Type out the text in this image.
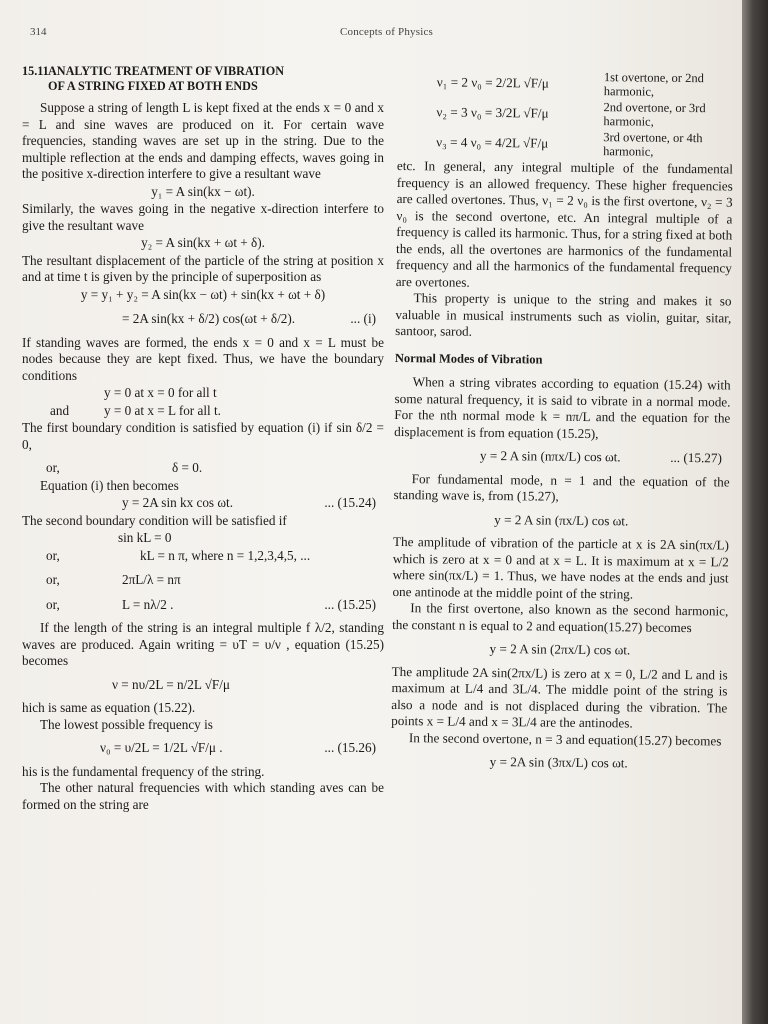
314	Concepts of Physics
15.11ANALYTIC TREATMENT OF VIBRATION
OF A STRING FIXED AT BOTH ENDS

Suppose a string of length L is kept fixed at the ends x = 0 and x = L and sine waves are produced on it. For certain wave frequencies, standing waves are set up in the string. Due to the multiple reflection at the ends and damping effects, waves going in the positive x-direction interfere to give a resultant wave

y₁ = A sin(kx − ωt).

Similarly, the waves going in the negative x-direction interfere to give the resultant wave

y₂ = A sin(kx + ωt + δ).

The resultant displacement of the particle of the string at position x and at time t is given by the principle of superposition as

y = y₁ + y₂ = A sin(kx − ωt) + sin(kx + ωt + δ)
= 2A sin(kx + δ/2) cos(ωt + δ/2).	... (i)

If standing waves are formed, the ends x = 0 and x = L must be nodes because they are kept fixed. Thus, we have the boundary conditions

y = 0 at x = 0 for all t
and	y = 0 at x = L for all t.

The first boundary condition is satisfied by equation (i) if sin δ/2 = 0,

or,	δ = 0.

Equation (i) then becomes

y = 2A sin kx cos ωt.	... (15.24)

The second boundary condition will be satisfied if

sin kL = 0
or,	kL = n π, where n = 1,2,3,4,5, ...
or,	2πL/λ = nπ
or,	L = nλ/2 .	... (15.25)

If the length of the string is an integral multiple f λ/2, standing waves are produced. Again writing = υT = υ/ν , equation (15.25) becomes

ν = nυ/2L = n/2L √F/μ

hich is same as equation (15.22).

The lowest possible frequency is

ν₀ = υ/2L = 1/2L √F/μ .	... (15.26)

his is the fundamental frequency of the string.

The other natural frequencies with which standing aves can be formed on the string are

ν₁ = 2 ν₀ = 2/2L √F/μ	1st overtone, or 2nd harmonic,
ν₂ = 3 ν₀ = 3/2L √F/μ	2nd overtone, or 3rd harmonic,
ν₃ = 4 ν₀ = 4/2L √F/μ	3rd overtone, or 4th harmonic,

etc. In general, any integral multiple of the fundamental frequency is an allowed frequency. These higher frequencies are called overtones. Thus, ν₁ = 2 ν₀ is the first overtone, ν₂ = 3 ν₀ is the second overtone, etc. An integral multiple of a frequency is called its harmonic. Thus, for a string fixed at both the ends, all the overtones are harmonics of the fundamental frequency and all the harmonics of the fundamental frequency are overtones.

This property is unique to the string and makes it so valuable in musical instruments such as violin, guitar, sitar, santoor, sarod.

Normal Modes of Vibration

When a string vibrates according to equation (15.24) with some natural frequency, it is said to vibrate in a normal mode. For the nth normal mode k = nπ/L and the equation for the displacement is from equation (15.25),

y = 2 A sin (nπx/L) cos ωt.	... (15.27)

For fundamental mode, n = 1 and the equation of the standing wave is, from (15.27),

y = 2 A sin (πx/L) cos ωt.

The amplitude of vibration of the particle at x is 2A sin(πx/L) which is zero at x = 0 and at x = L. It is maximum at x = L/2 where sin(πx/L) = 1. Thus, we have nodes at the ends and just one antinode at the middle point of the string.

In the first overtone, also known as the second harmonic, the constant n is equal to 2 and equation(15.27) becomes

y = 2 A sin (2πx/L) cos ωt.

The amplitude 2A sin(2πx/L) is zero at x = 0, L/2 and L and is maximum at L/4 and 3L/4. The middle point of the string is also a node and is not displaced during the vibration. The points x = L/4 and x = 3L/4 are the antinodes.

In the second overtone, n = 3 and equation(15.27) becomes

y = 2A sin (3πx/L) cos ωt.
